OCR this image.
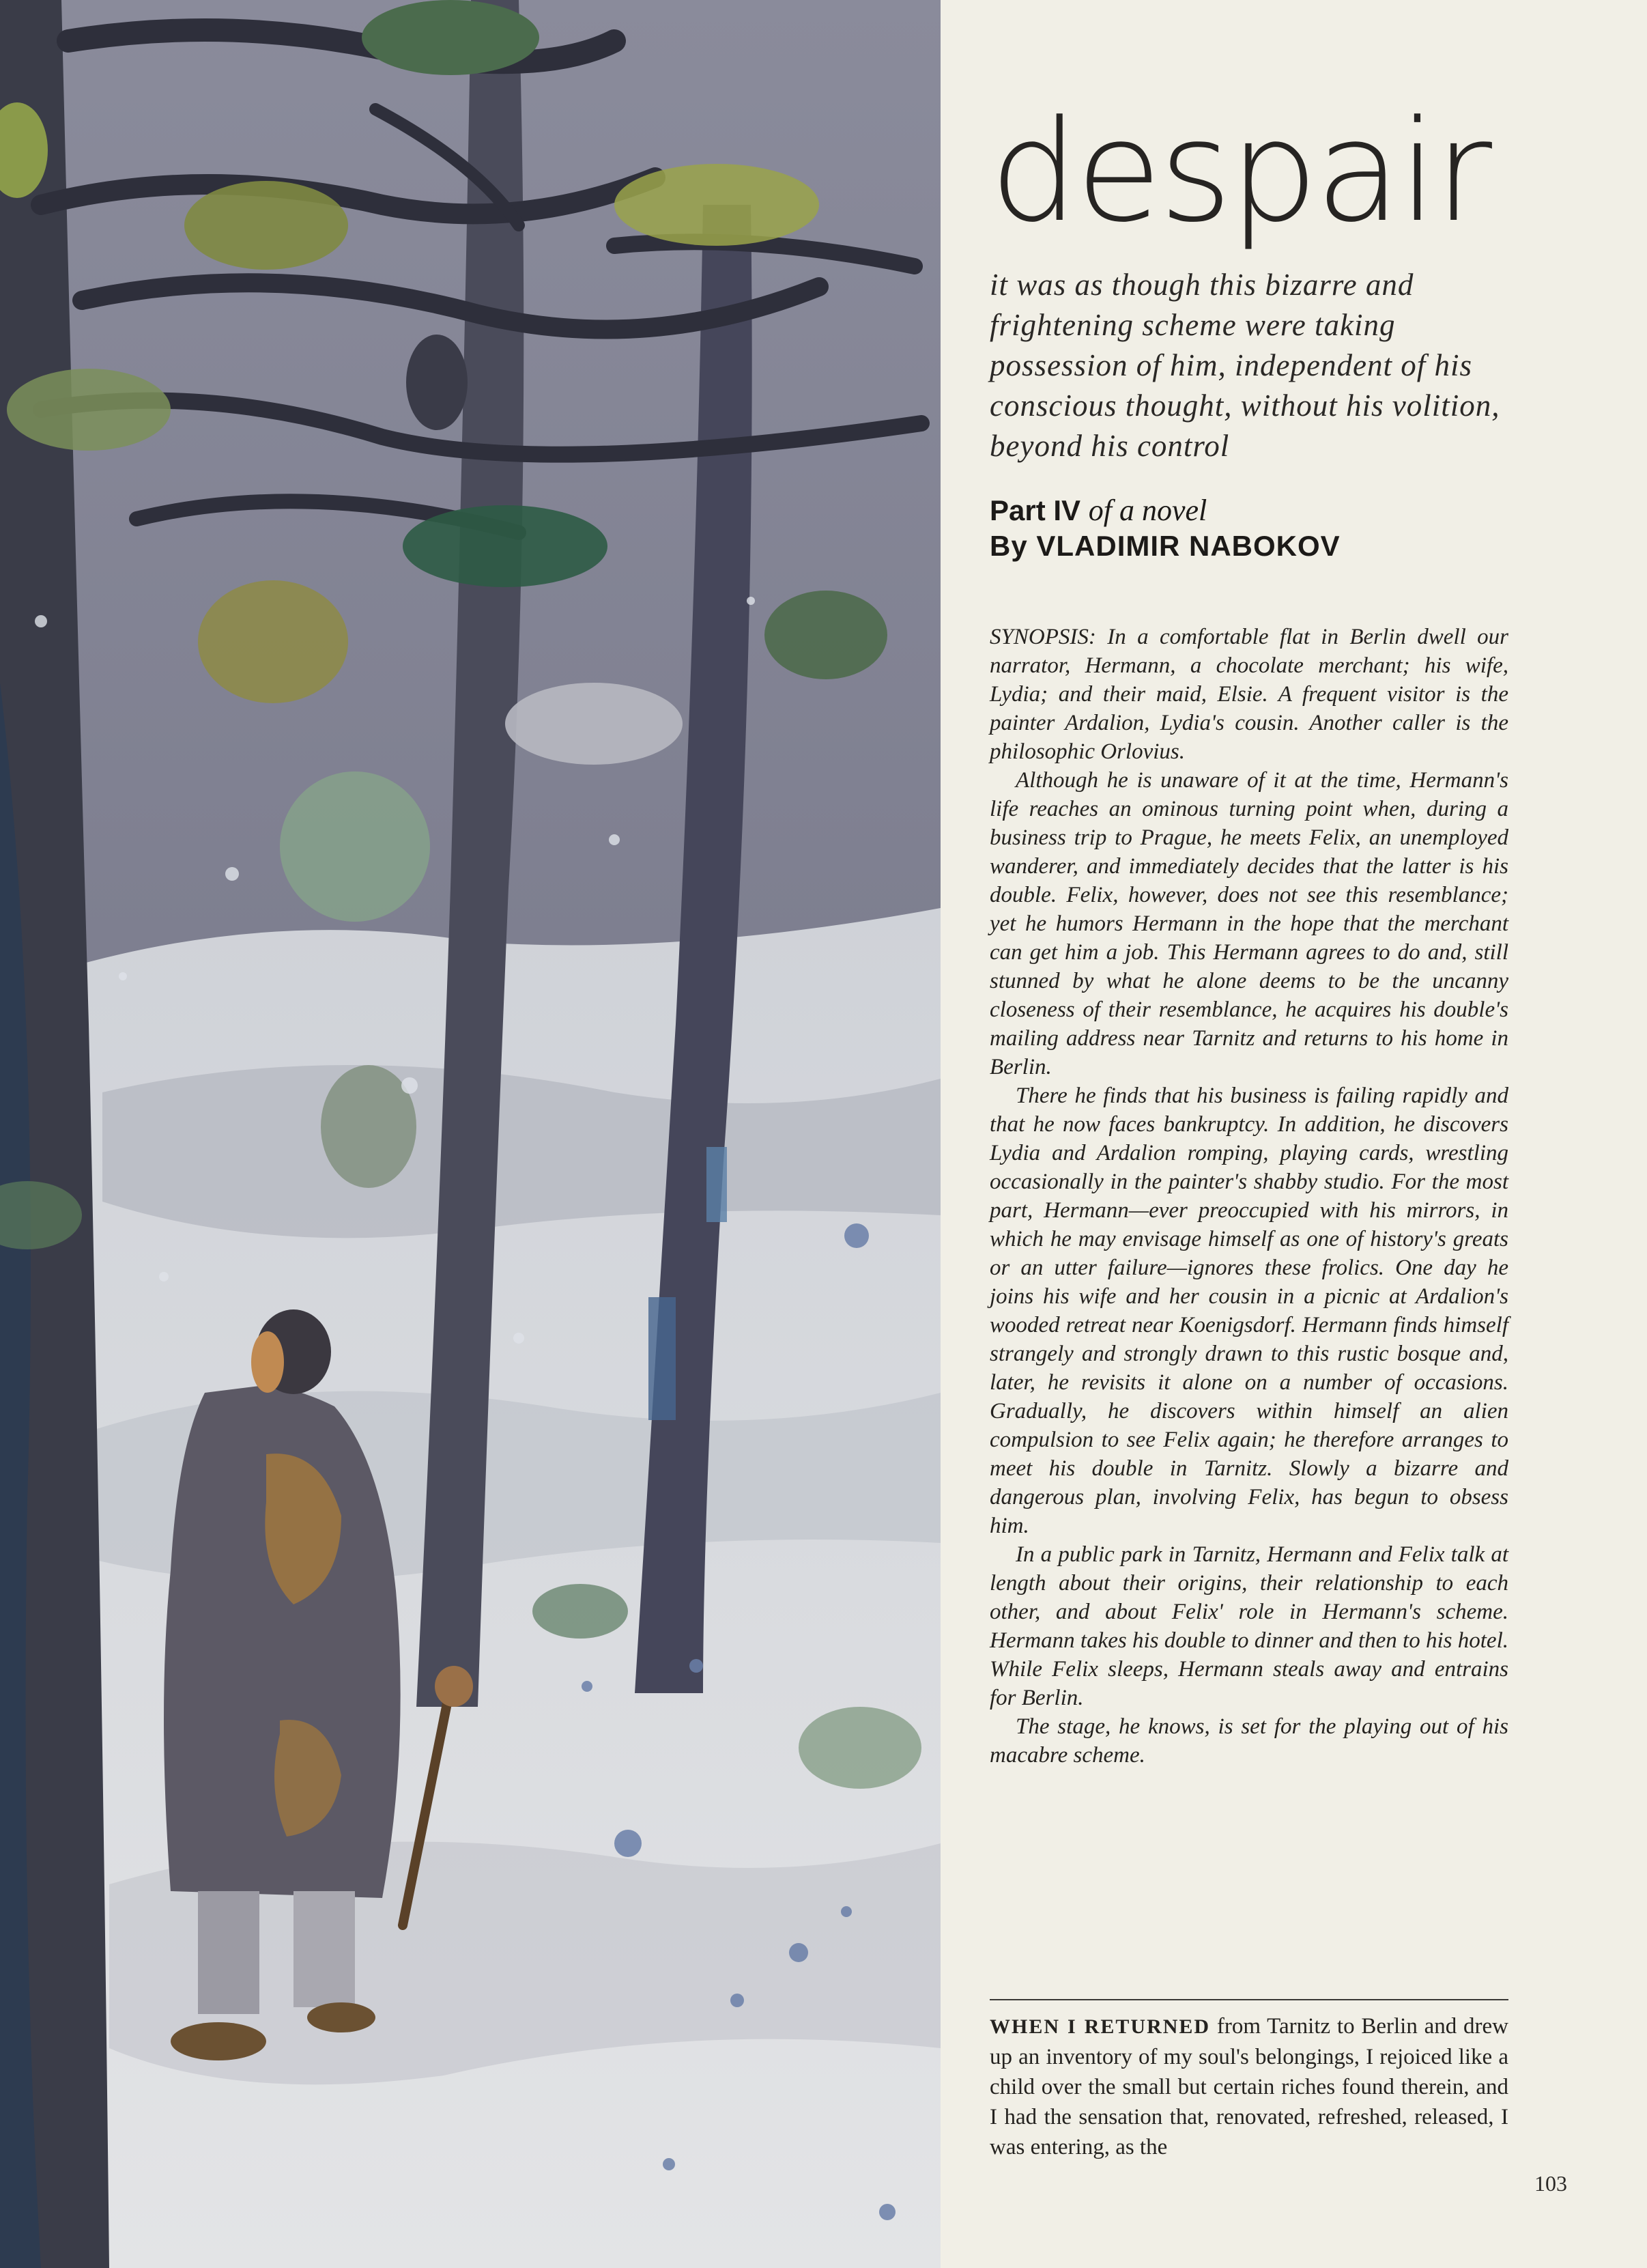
despair

it was as though this bizarre and frightening scheme were taking possession of him, independent of his conscious thought, without his volition, beyond his control

Part IV of a novel
By VLADIMIR NABOKOV

SYNOPSIS: In a comfortable flat in Berlin dwell our narrator, Hermann, a chocolate merchant; his wife, Lydia; and their maid, Elsie. A frequent visitor is the painter Ardalion, Lydia's cousin. Another caller is the philosophic Orlovius.

Although he is unaware of it at the time, Hermann's life reaches an ominous turning point when, during a business trip to Prague, he meets Felix, an unemployed wanderer, and immediately decides that the latter is his double. Felix, however, does not see this resemblance; yet he humors Hermann in the hope that the merchant can get him a job. This Hermann agrees to do and, still stunned by what he alone deems to be the uncanny closeness of their resemblance, he acquires his double's mailing address near Tarnitz and returns to his home in Berlin.

There he finds that his business is failing rapidly and that he now faces bankruptcy. In addition, he discovers Lydia and Ardalion romping, playing cards, wrestling occasionally in the painter's shabby studio. For the most part, Hermann—ever preoccupied with his mirrors, in which he may envisage himself as one of history's greats or an utter failure—ignores these frolics. One day he joins his wife and her cousin in a picnic at Ardalion's wooded retreat near Koenigsdorf. Hermann finds himself strangely and strongly drawn to this rustic bosque and, later, he revisits it alone on a number of occasions. Gradually, he discovers within himself an alien compulsion to see Felix again; he therefore arranges to meet his double in Tarnitz. Slowly a bizarre and dangerous plan, involving Felix, has begun to obsess him.

In a public park in Tarnitz, Hermann and Felix talk at length about their origins, their relationship to each other, and about Felix' role in Hermann's scheme. Hermann takes his double to dinner and then to his hotel. While Felix sleeps, Hermann steals away and entrains for Berlin.

The stage, he knows, is set for the playing out of his macabre scheme.

WHEN I RETURNED from Tarnitz to Berlin and drew up an inventory of my soul's belongings, I rejoiced like a child over the small but certain riches found therein, and I had the sensation that, renovated, refreshed, released, I was entering, as the

103
